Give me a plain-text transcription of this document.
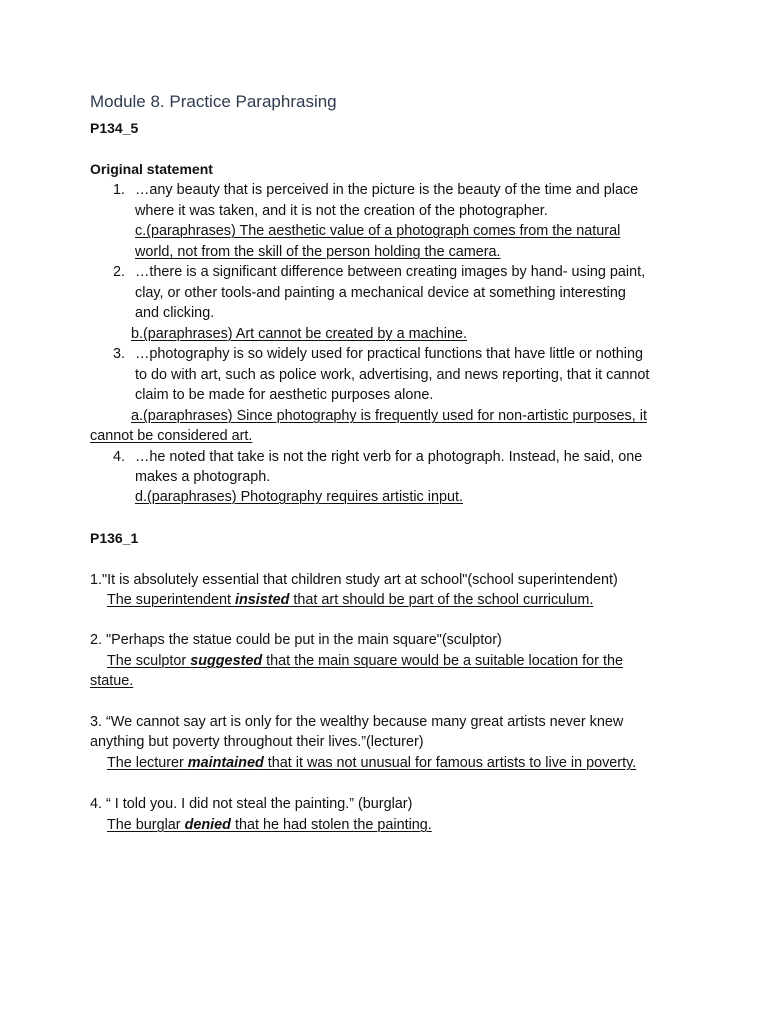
Module 8. Practice Paraphrasing
P134_5
Original statement
1. …any beauty that is perceived in the picture is the beauty of the time and place
where it was taken, and it is not the creation of the photographer.
c.(paraphrases) The aesthetic value of a photograph comes from the natural
world, not from the skill of the person holding the camera.
2. …there is a significant difference between creating images by hand- using paint,
clay, or other tools-and painting a mechanical device at something interesting
and clicking.
b.(paraphrases) Art cannot be created by a machine.
3. …photography is so widely used for practical functions that have little or nothing
to do with art, such as police work, advertising, and news reporting, that it cannot
claim to be made for aesthetic purposes alone.
a.(paraphrases) Since photography is frequently used for non-artistic purposes, it
cannot be considered art.
4. …he noted that take is not the right verb for a photograph. Instead, he said, one
makes a photograph.
d.(paraphrases) Photography requires artistic input.
P136_1
1."It is absolutely essential that children study art at school"(school superintendent)
The superintendent insisted that art should be part of the school curriculum.
2. "Perhaps the statue could be put in the main square"(sculptor)
The sculptor suggested that the main square would be a suitable location for the
statue.
3. “We cannot say art is only for the wealthy because many great artists never knew
anything but poverty throughout their lives.”(lecturer)
The lecturer maintained that it was not unusual for famous artists to live in poverty.
4. “ I told you. I did not steal the painting.” (burglar)
The burglar denied that he had stolen the painting.
